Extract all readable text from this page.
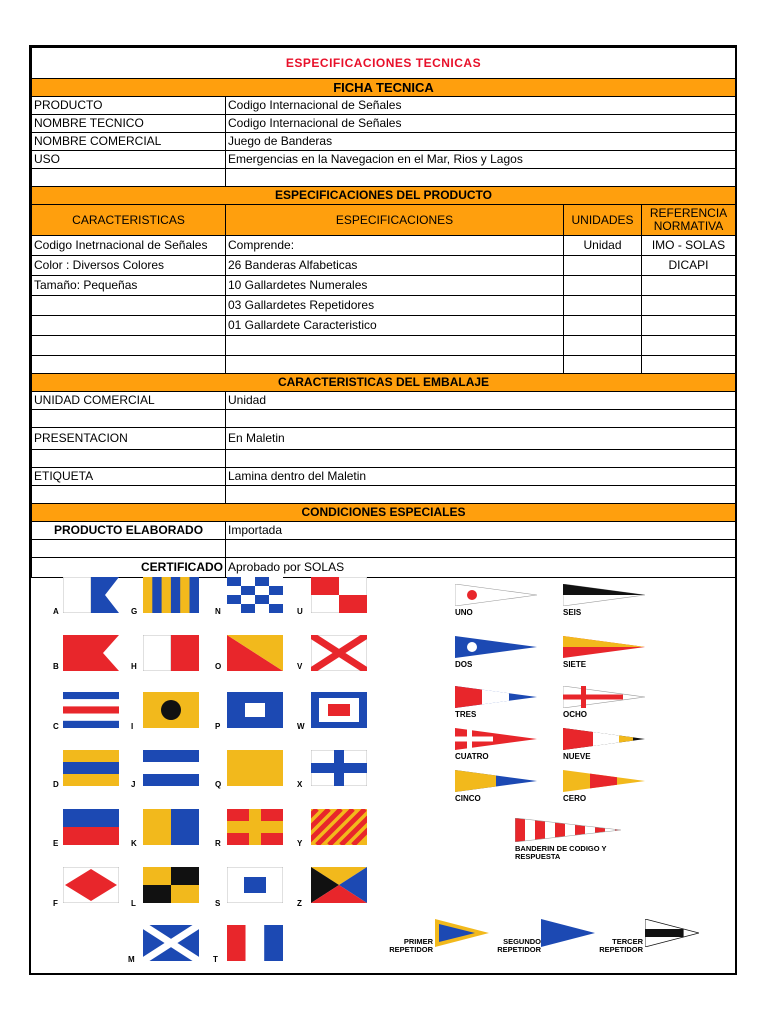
ESPECIFICACIONES TECNICAS			
FICHA TECNICA			
PRODUCTO	Codigo Internacional de Señales		
NOMBRE TECNICO	Codigo Internacional de Señales		
NOMBRE COMERCIAL	Juego de Banderas		
USO	Emergencias en la Navegacion en el Mar, Rios y Lagos		

ESPECIFICACIONES DEL PRODUCTO			
CARACTERISTICAS	ESPECIFICACIONES	UNIDADES	REFERENCIA NORMATIVA
Codigo Inetrnacional de Señales	Comprende:	Unidad	IMO - SOLAS
Color : Diversos Colores	26 Banderas Alfabeticas		DICAPI
Tamaño: Pequeñas	10 Gallardetes Numerales		
	03 Gallardetes Repetidores		
	01 Gallardete Caracteristico		

CARACTERISTICAS DEL EMBALAJE			
UNIDAD COMERCIAL	Unidad		

PRESENTACION	En Maletin		

ETIQUETA	Lamina dentro del Maletin		

CONDICIONES ESPECIALES			
PRODUCTO ELABORADO	Importada		

CERTIFICADO	Aprobado por SOLAS		
A
B
C
D
E
F
G
H
I
J
K
L
M
N
O
P
Q
R
S
T
U
V
W
X
Y
Z
UNO
DOS
TRES
CUATRO
CINCO
SEIS
SIETE
OCHO
NUEVE
CERO
BANDERIN DE CODIGO Y RESPUESTA
PRIMER REPETIDOR
SEGUNDO REPETIDOR
TERCER REPETIDOR
